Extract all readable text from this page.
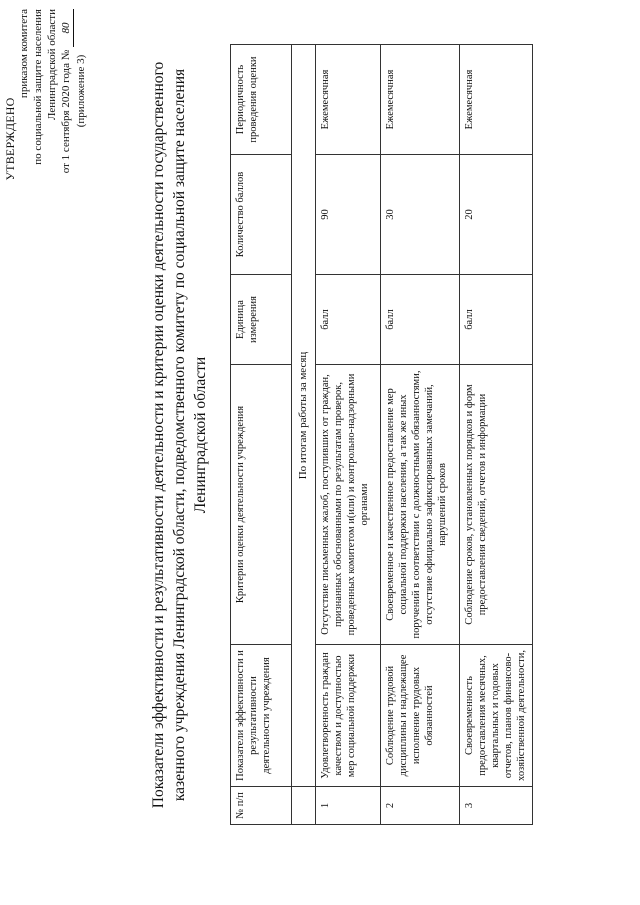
УТВЕРЖДЕНО
приказом комитета по социальной защите населения Ленинградской области от 1 сентября 2020 года № 80
(приложение 3)	Показатели эффективности и результативности деятельности и критерии оценки деятельности государственного казенного учреждения Ленинградской области, подведомственного комитету по социальной защите населения Ленинградской области
№ п/п	Показатели эффективности и результативности деятельности учреждения	Критерии оценки деятельности учреждения	Единица измерения	Количество баллов	Периодичность проведения оценки
	По итогам работы за месяц				
1	Удовлетворенность граждан качеством и доступностью мер социальной поддержки	Отсутствие письменных жалоб, поступивших от граждан, признанных обоснованными по результатам проверок, проведенных комитетом и(или) и контрольно-надзорными органами	балл	90	Ежемесячная
2	Соблюдение трудовой дисциплины и надлежащее исполнение трудовых обязанностей	Своевременное и качественное предоставление мер социальной поддержки населения, а так же иных поручений в соответствии с должностными обязанностями, отсутствие официально зафиксированных замечаний, нарушений сроков	балл	30	Ежемесячная
3	Своевременность предоставления месячных, квартальных и годовых отчетов, планов финансово-хозяйственной деятельности,	Соблюдение сроков, установленных порядков и форм предоставления сведений, отчетов и информации	балл	20	Ежемесячная
